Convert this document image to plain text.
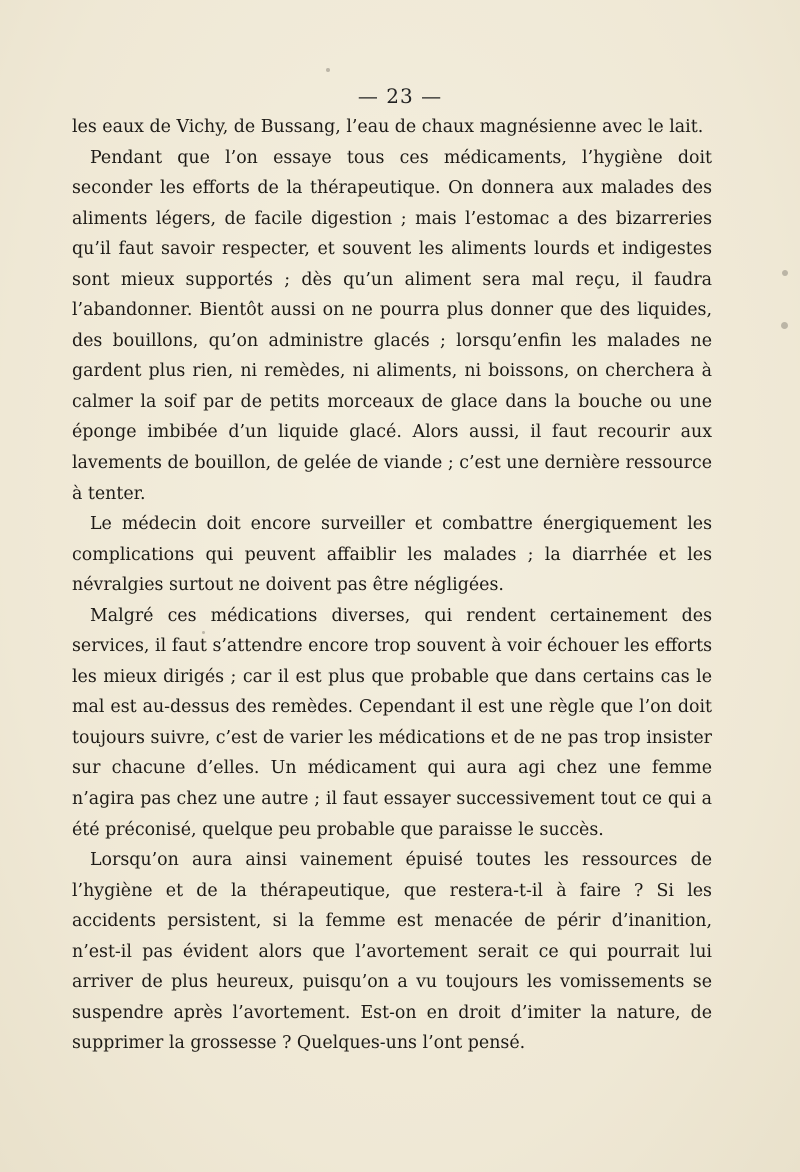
— 23 —

les eaux de Vichy, de Bussang, l’eau de chaux magnésienne avec le lait.

Pendant que l’on essaye tous ces médicaments, l’hygiène doit seconder les efforts de la thérapeutique. On donnera aux malades des aliments légers, de facile digestion ; mais l’estomac a des bizarreries qu’il faut savoir respecter, et souvent les aliments lourds et indigestes sont mieux supportés ; dès qu’un aliment sera mal reçu, il faudra l’abandonner. Bientôt aussi on ne pourra plus donner que des liquides, des bouillons, qu’on administre glacés ; lorsqu’enfin les malades ne gardent plus rien, ni remèdes, ni aliments, ni boissons, on cherchera à calmer la soif par de petits morceaux de glace dans la bouche ou une éponge imbibée d’un liquide glacé. Alors aussi, il faut recourir aux lavements de bouillon, de gelée de viande ; c’est une dernière ressource à tenter.

Le médecin doit encore surveiller et combattre énergiquement les complications qui peuvent affaiblir les malades ; la diarrhée et les névralgies surtout ne doivent pas être négligées.

Malgré ces médications diverses, qui rendent certainement des services, il faut s’attendre encore trop souvent à voir échouer les efforts les mieux dirigés ; car il est plus que probable que dans certains cas le mal est au-dessus des remèdes. Cependant il est une règle que l’on doit toujours suivre, c’est de varier les médications et de ne pas trop insister sur chacune d’elles. Un médicament qui aura agi chez une femme n’agira pas chez une autre ; il faut essayer successivement tout ce qui a été préconisé, quelque peu probable que paraisse le succès.

Lorsqu’on aura ainsi vainement épuisé toutes les ressources de l’hygiène et de la thérapeutique, que restera-t-il à faire ? Si les accidents persistent, si la femme est menacée de périr d’inanition, n’est-il pas évident alors que l’avortement serait ce qui pourrait lui arriver de plus heureux, puisqu’on a vu toujours les vomissements se suspendre après l’avortement. Est-on en droit d’imiter la nature, de supprimer la grossesse ? Quelques-uns l’ont pensé.
